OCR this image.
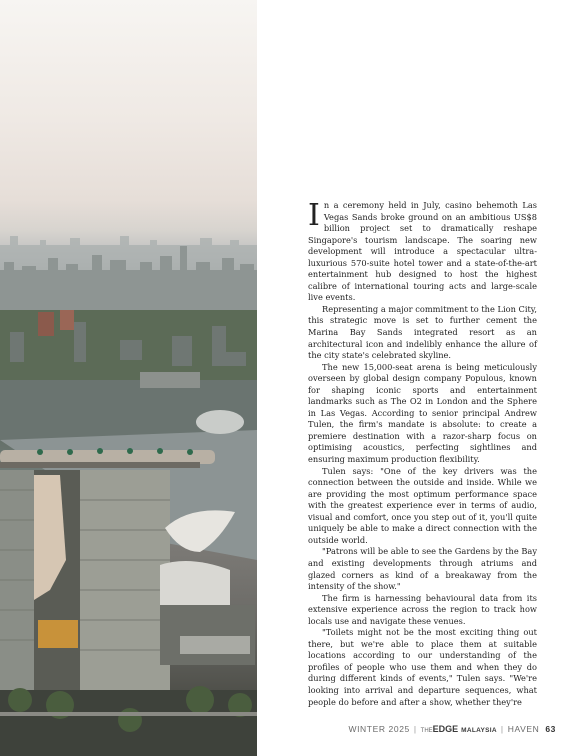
In a ceremony held in July, casino behemoth Las Vegas Sands broke ground on an ambitious US$8 billion project set to dramatically reshape Singapore's tourism landscape. The soaring new development will introduce a spectacular ultra-luxurious 570-suite hotel tower and a state-of-the-art entertainment hub designed to host the highest calibre of international touring acts and large-scale live events.

Representing a major commitment to the Lion City, this strategic move is set to further cement the Marina Bay Sands integrated resort as an architectural icon and indelibly enhance the allure of the city state's celebrated skyline.

The new 15,000-seat arena is being meticulously overseen by global design company Populous, known for shaping iconic sports and entertainment landmarks such as The O2 in London and the Sphere in Las Vegas. According to senior principal Andrew Tulen, the firm's mandate is absolute: to create a premiere destination with a razor-sharp focus on optimising acoustics, perfecting sightlines and ensuring maximum production flexibility.

Tulen says: "One of the key drivers was the connection between the outside and inside. While we are providing the most optimum performance space with the greatest experience ever in terms of audio, visual and comfort, once you step out of it, you'll quite uniquely be able to make a direct connection with the outside world.

"Patrons will be able to see the Gardens by the Bay and existing developments through atriums and glazed corners as kind of a breakaway from the intensity of the show."

The firm is harnessing behavioural data from its extensive experience across the region to track how locals use and navigate these venues.

"Toilets might not be the most exciting thing out there, but we're able to place them at suitable locations according to our understanding of the profiles of people who use them and when they do during different kinds of events," Tulen says. "We're looking into arrival and departure sequences, what people do before and after a show, whether they're

WINTER 2025 | THEEDGE MALAYSIA | HAVEN 63
